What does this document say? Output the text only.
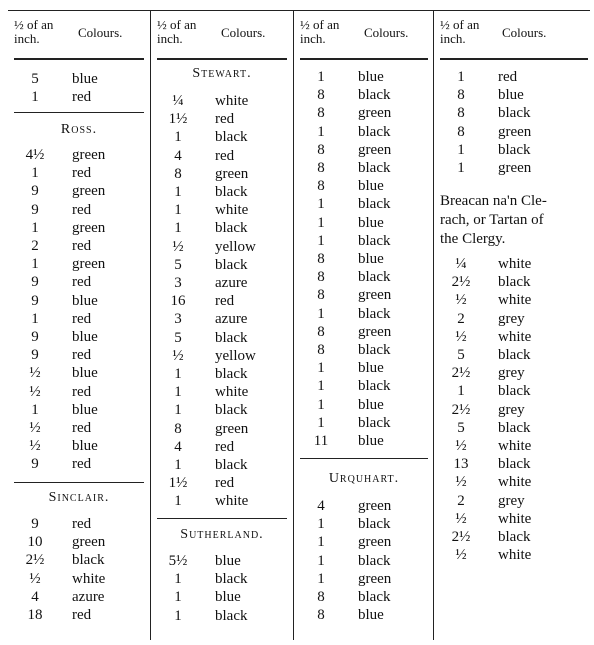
½ of an inch.	Colours.
5	blue
1	red
Ross.
4½	green
1	red
9	green
9	red
1	green
2	red
1	green
9	red
9	blue
1	red
9	blue
9	red
½	blue
½	red
1	blue
½	red
½	blue
9	red
Sinclair.
9	red
10	green
2½	black
½	white
4	azure
18	red
½ of an inch.	Colours.
Stewart.
¼	white
1½	red
1	black
4	red
8	green
1	black
1	white
1	black
½	yellow
5	black
3	azure
16	red
3	azure
5	black
½	yellow
1	black
1	white
1	black
8	green
4	red
1	black
1½	red
1	white
Sutherland.
5½	blue
1	black
1	blue
1	black
½ of an inch.	Colours.
1	blue
8	black
8	green
1	black
8	green
8	black
8	blue
1	black
1	blue
1	black
8	blue
8	black
8	green
1	black
8	green
8	black
1	blue
1	black
1	blue
1	black
11	blue
Urquhart.
4	green
1	black
1	green
1	black
1	green
8	black
8	blue
½ of an inch.	Colours.
1	red
8	blue
8	black
8	green
1	black
1	green
Breacan na'n Cle-
rach, or Tartan of
the Clergy.
¼	white
2½	black
½	white
2	grey
½	white
5	black
2½	grey
1	black
2½	grey
5	black
½	white
13	black
½	white
2	grey
½	white
2½	black
½	white
